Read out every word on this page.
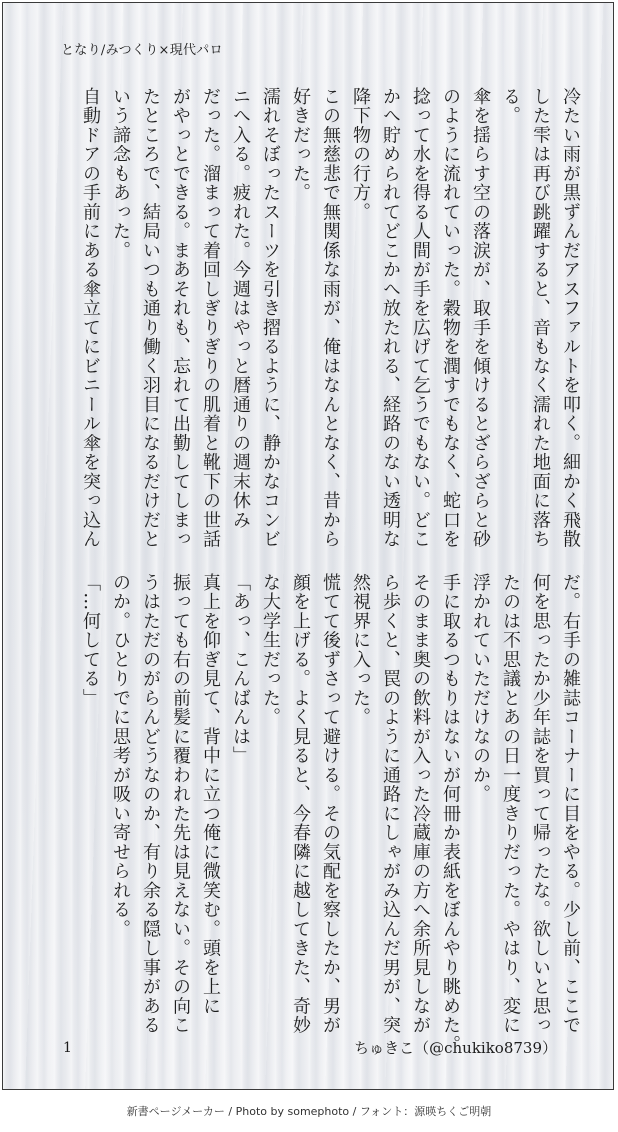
となり/みつくり×現代パロ

冷たい雨が黒ずんだアスファルトを叩く。細かく飛散

した雫は再び跳躍すると、音もなく濡れた地面に落ち

る。

傘を揺らす空の落涙が、取手を傾けるとざらざらと砂

のように流れていった。穀物を潤すでもなく、蛇口を

捻って水を得る人間が手を広げて乞うでもない。どこ

かへ貯められてどこかへ放たれる、経路のない透明な

降下物の行方。

この無慈悲で無関係な雨が、俺はなんとなく、昔から

好きだった。

濡れそぼったスーツを引き摺るように、静かなコンビ

ニへ入る。疲れた。今週はやっと暦通りの週末休み

だった。溜まって着回しぎりぎりの肌着と靴下の世話

がやっとできる。まあそれも、忘れて出勤してしまっ

たところで、結局いつも通り働く羽目になるだけだと

いう諦念もあった。

自動ドアの手前にある傘立てにビニール傘を突っ込ん

だ。右手の雑誌コーナーに目をやる。少し前、ここで

何を思ったか少年誌を買って帰ったな。欲しいと思っ

たのは不思議とあの日一度きりだった。やはり、変に

浮かれていただけなのか。

手に取るつもりはないが何冊か表紙をぼんやり眺めた。

そのまま奥の飲料が入った冷蔵庫の方へ余所見しなが

ら歩くと、罠のように通路にしゃがみ込んだ男が、突

然視界に入った。

慌てて後ずさって避ける。その気配を察したか、男が

顔を上げる。よく見ると、今春隣に越してきた、奇妙

な大学生だった。

「あっ、こんばんは」

真上を仰ぎ見て、背中に立つ俺に微笑む。頭を上に

振っても右の前髪に覆われた先は見えない。その向こ

うはただのがらんどうなのか、有り余る隠し事がある

のか。ひとりでに思考が吸い寄せられる。

「…何してる」

1	ちゅきこ（@chukiko8739）
新書ページメーカー / Photo by somephoto / フォント：源暎ちくご明朝
